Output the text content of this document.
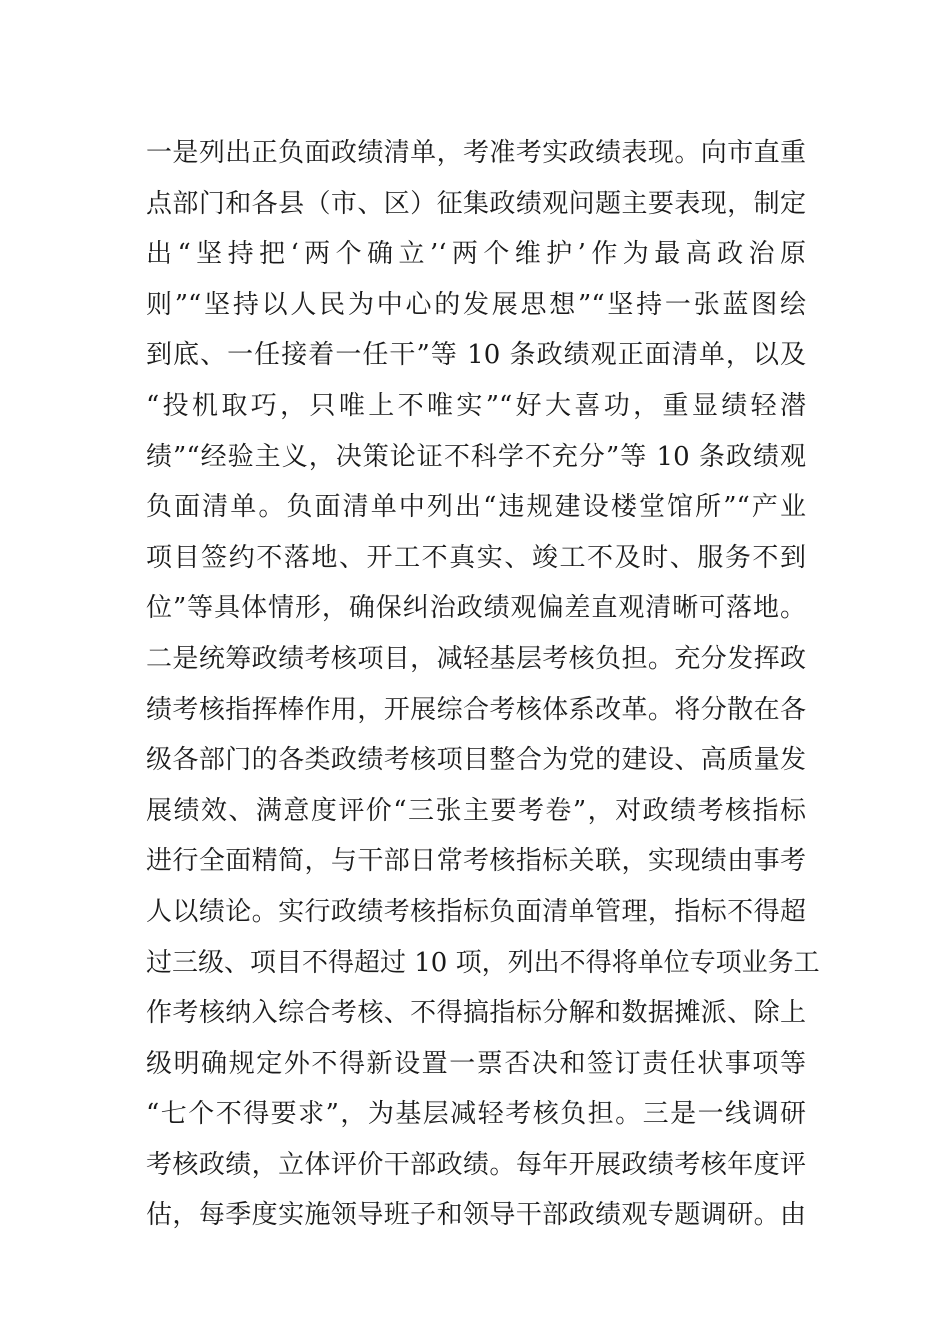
一是列出正负面政绩清单，考准考实政绩表现。向市直重
点部门和各县（市、区）征集政绩观问题主要表现，制定
出“坚持把‘两个确立’‘两个维护’作为最高政治原
则”“坚持以人民为中心的发展思想”“坚持一张蓝图绘
到底、一任接着一任干”等 10 条政绩观正面清单，以及
“投机取巧，只唯上不唯实”“好大喜功，重显绩轻潜
绩”“经验主义，决策论证不科学不充分”等 10 条政绩观
负面清单。负面清单中列出“违规建设楼堂馆所”“产业
项目签约不落地、开工不真实、竣工不及时、服务不到
位”等具体情形，确保纠治政绩观偏差直观清晰可落地。
二是统筹政绩考核项目，减轻基层考核负担。充分发挥政
绩考核指挥棒作用，开展综合考核体系改革。将分散在各
级各部门的各类政绩考核项目整合为党的建设、高质量发
展绩效、满意度评价“三张主要考卷”，对政绩考核指标
进行全面精简，与干部日常考核指标关联，实现绩由事考
人以绩论。实行政绩考核指标负面清单管理，指标不得超
过三级、项目不得超过 10 项，列出不得将单位专项业务工
作考核纳入综合考核、不得搞指标分解和数据摊派、除上
级明确规定外不得新设置一票否决和签订责任状事项等
“七个不得要求”，为基层减轻考核负担。三是一线调研
考核政绩，立体评价干部政绩。每年开展政绩考核年度评
估，每季度实施领导班子和领导干部政绩观专题调研。由
